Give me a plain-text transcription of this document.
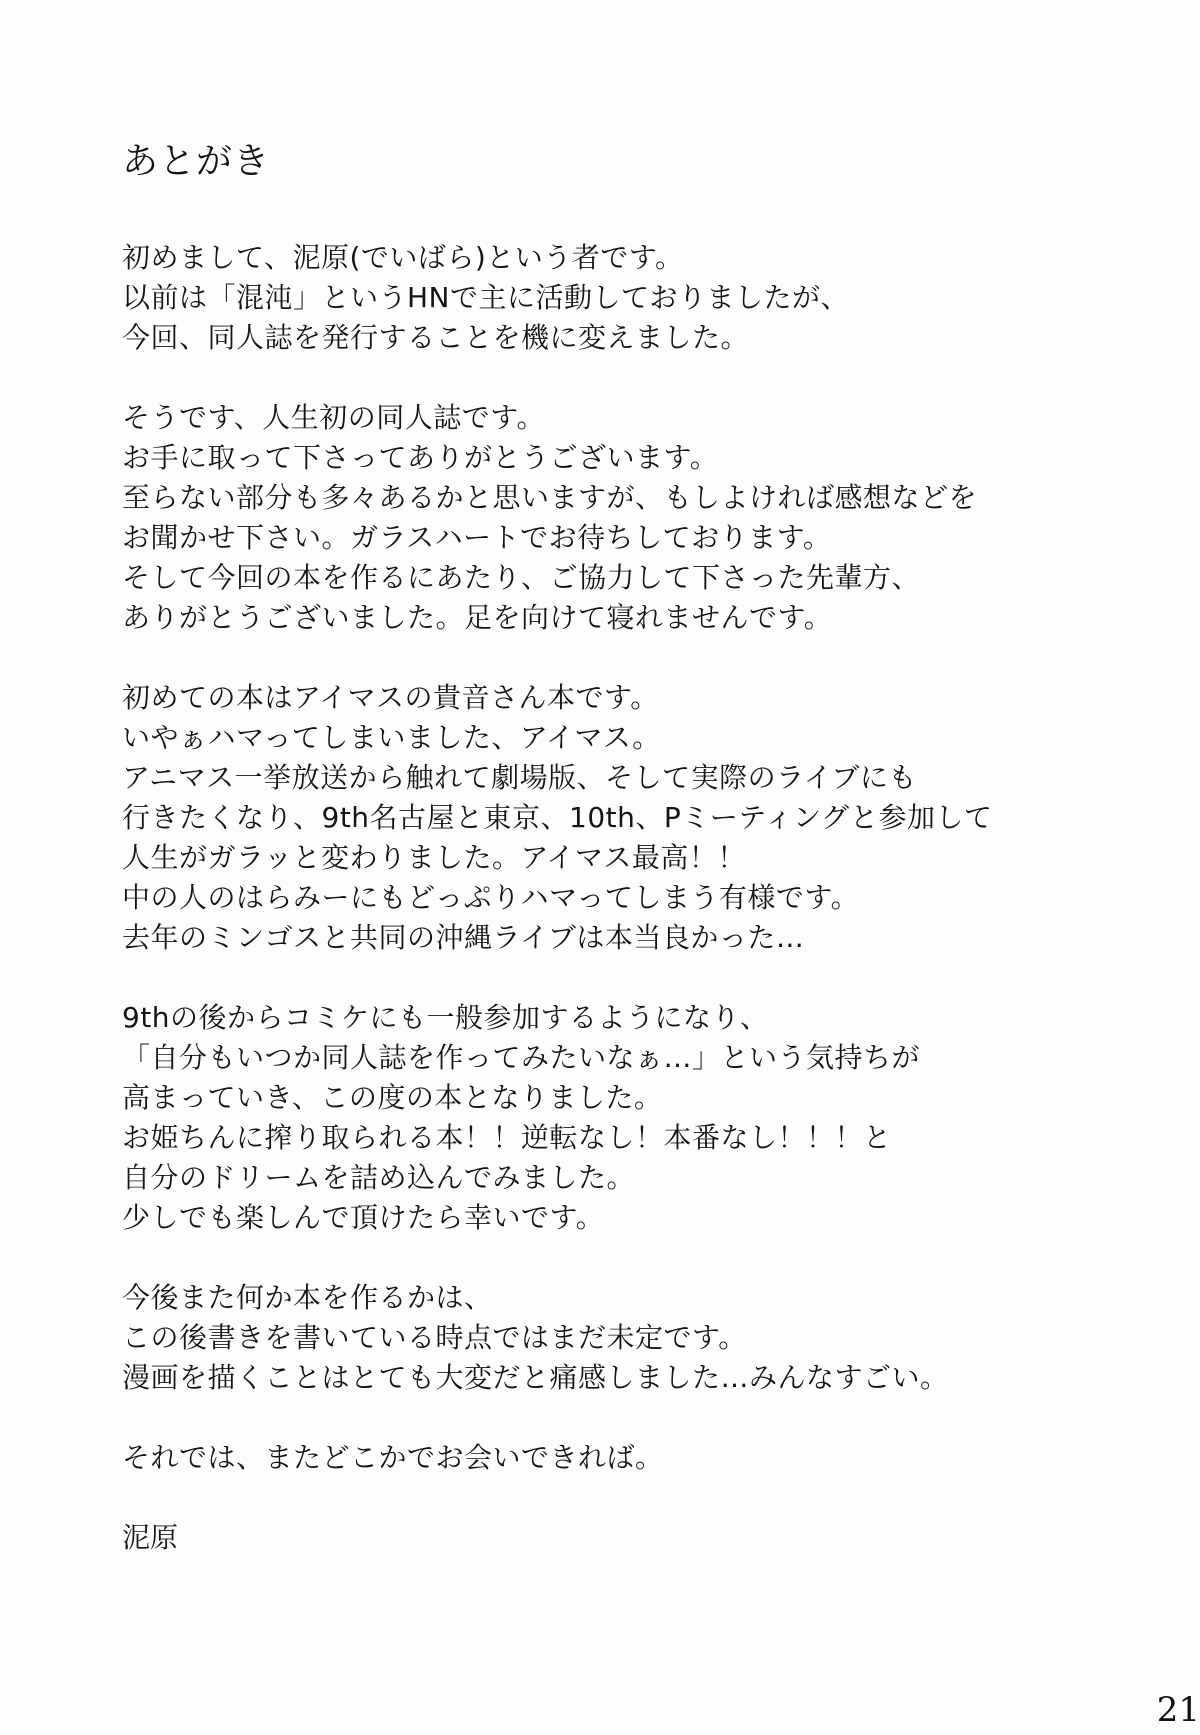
あとがき
初めまして、泥原(でいばら)という者です。
以前は「混沌」というHNで主に活動しておりましたが、
今回、同人誌を発行することを機に変えました。
そうです、人生初の同人誌です。
お手に取って下さってありがとうございます。
至らない部分も多々あるかと思いますが、もしよければ感想などを
お聞かせ下さい。ガラスハートでお待ちしております。
そして今回の本を作るにあたり、ご協力して下さった先輩方、
ありがとうございました。足を向けて寝れませんです。
初めての本はアイマスの貴音さん本です。
いやぁハマってしまいました、アイマス。
アニマス一挙放送から触れて劇場版、そして実際のライブにも
行きたくなり、9th名古屋と東京、10th、Pミーティングと参加して
人生がガラッと変わりました。アイマス最高！！
中の人のはらみーにもどっぷりハマってしまう有様です。
去年のミンゴスと共同の沖縄ライブは本当良かった…
9thの後からコミケにも一般参加するようになり、
「自分もいつか同人誌を作ってみたいなぁ…」という気持ちが
高まっていき、この度の本となりました。
お姫ちんに搾り取られる本！！逆転なし！本番なし！！！と
自分のドリームを詰め込んでみました。
少しでも楽しんで頂けたら幸いです。
今後また何か本を作るかは、
この後書きを書いている時点ではまだ未定です。
漫画を描くことはとても大変だと痛感しました…みんなすごい。
それでは、またどこかでお会いできれば。
泥原
21
